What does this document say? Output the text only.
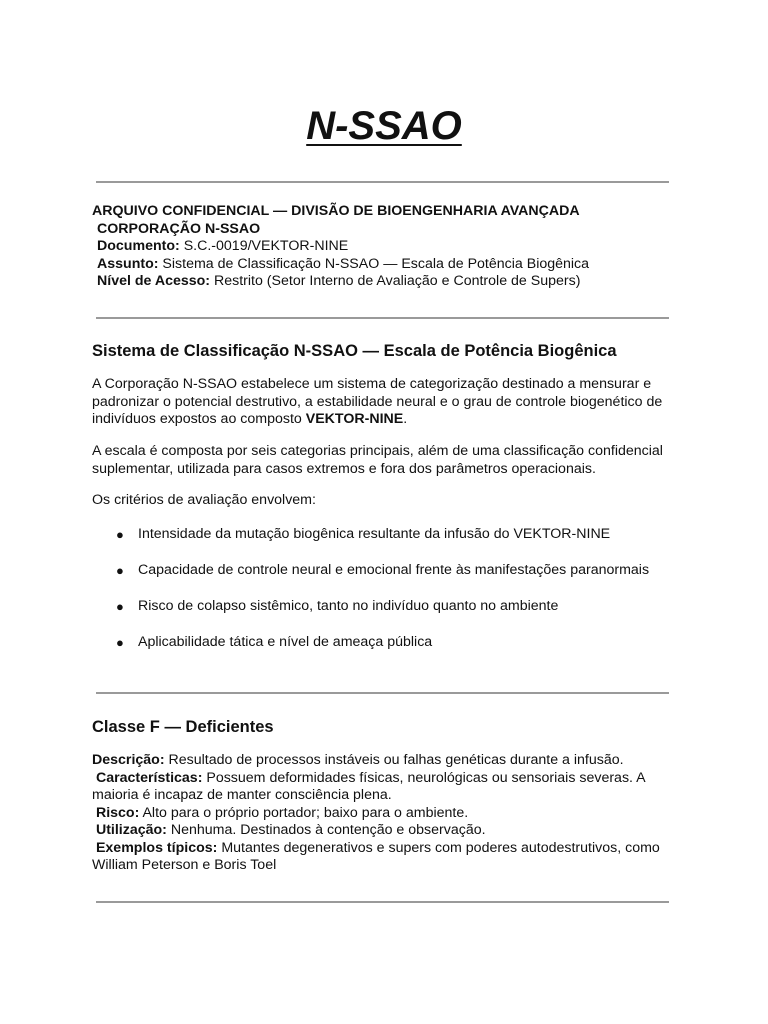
N-SSAO

ARQUIVO CONFIDENCIAL — DIVISÃO DE BIOENGENHARIA AVANÇADA

CORPORAÇÃO N-SSAO

Documento: S.C.-0019/VEKTOR-NINE

Assunto: Sistema de Classificação N-SSAO — Escala de Potência Biogênica

Nível de Acesso: Restrito (Setor Interno de Avaliação e Controle de Supers)

Sistema de Classificação N-SSAO — Escala de Potência Biogênica

A Corporação N-SSAO estabelece um sistema de categorização destinado a mensurar e padronizar o potencial destrutivo, a estabilidade neural e o grau de controle biogenético de indivíduos expostos ao composto VEKTOR-NINE.

A escala é composta por seis categorias principais, além de uma classificação confidencial suplementar, utilizada para casos extremos e fora dos parâmetros operacionais.

Os critérios de avaliação envolvem:

● Intensidade da mutação biogênica resultante da infusão do VEKTOR-NINE
● Capacidade de controle neural e emocional frente às manifestações paranormais
● Risco de colapso sistêmico, tanto no indivíduo quanto no ambiente
● Aplicabilidade tática e nível de ameaça pública
Classe F — Deficientes

Descrição: Resultado de processos instáveis ou falhas genéticas durante a infusão.

Características: Possuem deformidades físicas, neurológicas ou sensoriais severas. A maioria é incapaz de manter consciência plena.

Risco: Alto para o próprio portador; baixo para o ambiente.

Utilização: Nenhuma. Destinados à contenção e observação.

Exemplos típicos: Mutantes degenerativos e supers com poderes autodestrutivos, como William Peterson e Boris Toel
